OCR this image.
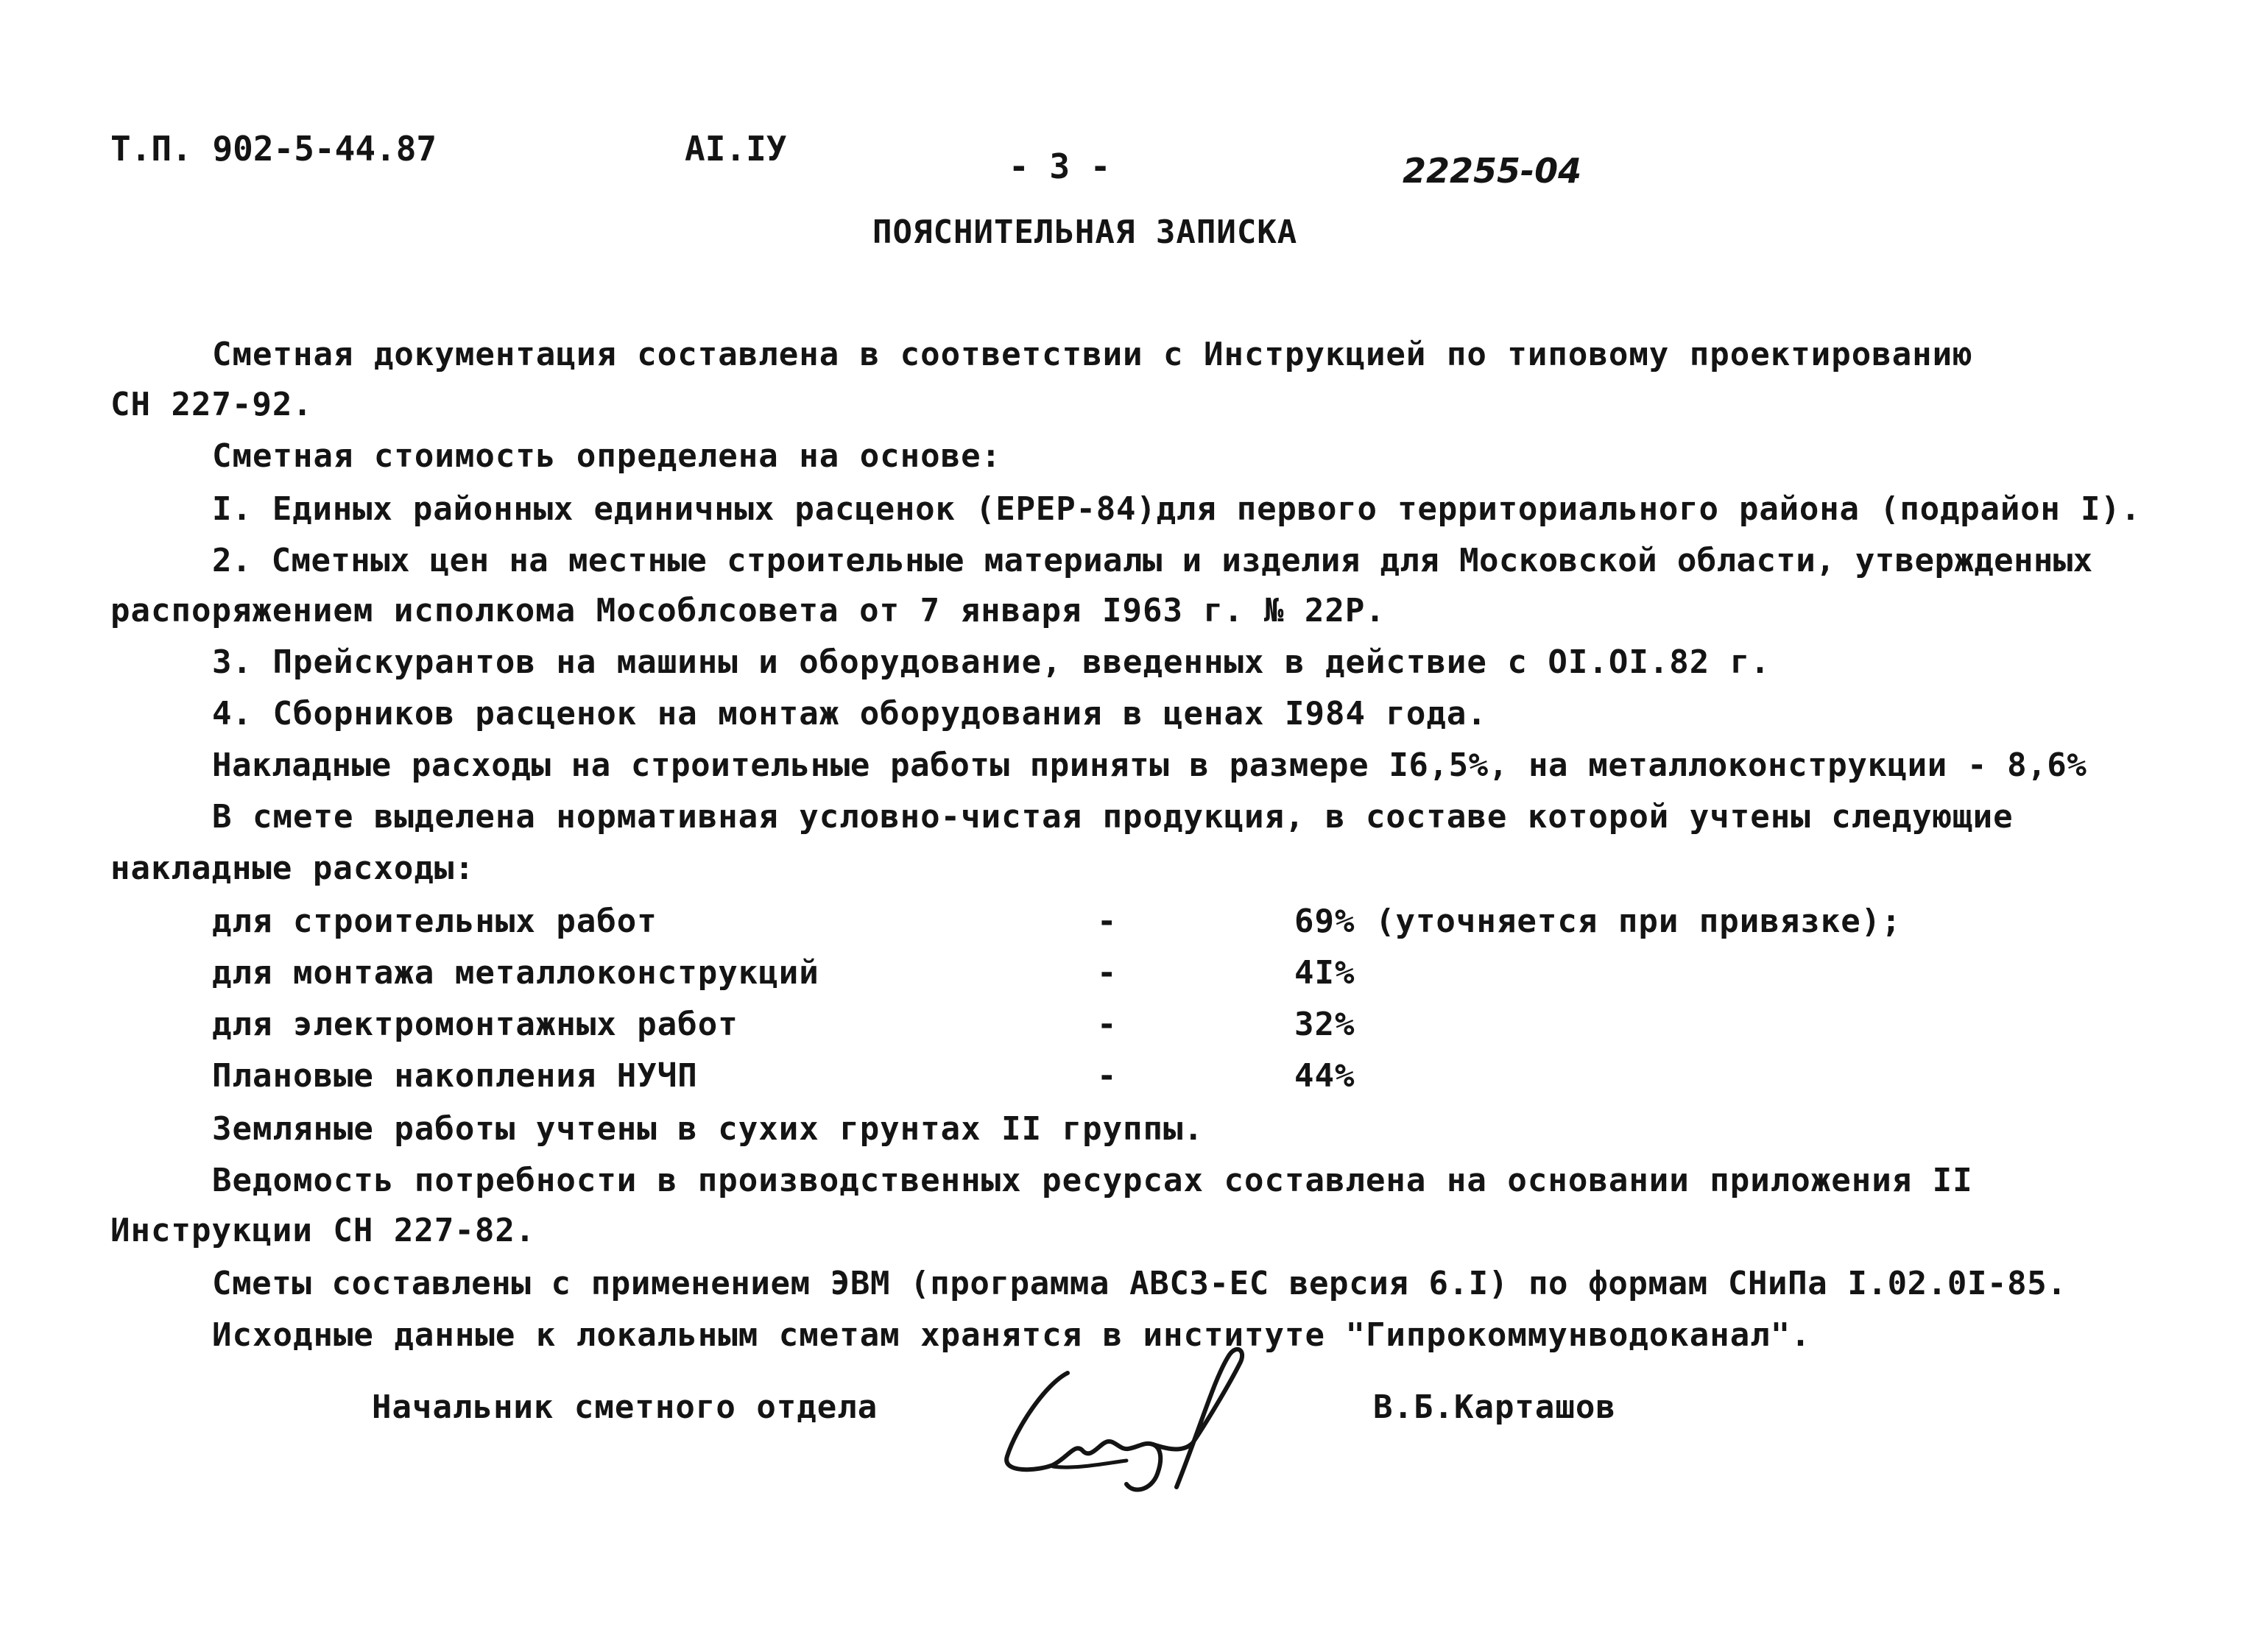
Т.П. 902-5-44.87	АI.IУ	- 3 -	22255-04
ПОЯСНИТЕЛЬНАЯ ЗАПИСКА
Сметная документация составлена в соответствии с Инструкцией по типовому проектированию
СН 227-92.
Сметная стоимость определена на основе:
I. Единых районных единичных расценок (ЕРЕР-84)для первого территориального района (подрайон I).
2. Сметных цен на местные строительные материалы и изделия для Московской области, утвержденных
распоряжением исполкома Мособлсовета от 7 января I963 г. № 22Р.
3. Прейскурантов на машины и оборудование, введенных в действие с OI.OI.82 г.
4. Сборников расценок на монтаж оборудования в ценах I984 года.
Накладные расходы на строительные работы приняты в размере I6,5%, на металлоконструкции - 8,6%
В смете выделена нормативная условно-чистая продукция, в составе которой учтены следующие
накладные расходы:
для строительных работ	-	69% (уточняется при привязке);
для монтажа металлоконструкций	-	4I%
для электромонтажных работ	-	32%
Плановые накопления НУЧП	-	44%
Земляные работы учтены в сухих грунтах II группы.
Ведомость потребности в производственных ресурсах составлена на основании приложения II
Инструкции СН 227-82.
Сметы составлены с применением ЭВМ (программа АВСЗ-ЕС версия 6.I) по формам СНиПа I.02.0I-85.
Исходные данные к локальным сметам хранятся в институте "Гипрокоммунводоканал".
Начальник сметного отдела	В.Б.Карташов
